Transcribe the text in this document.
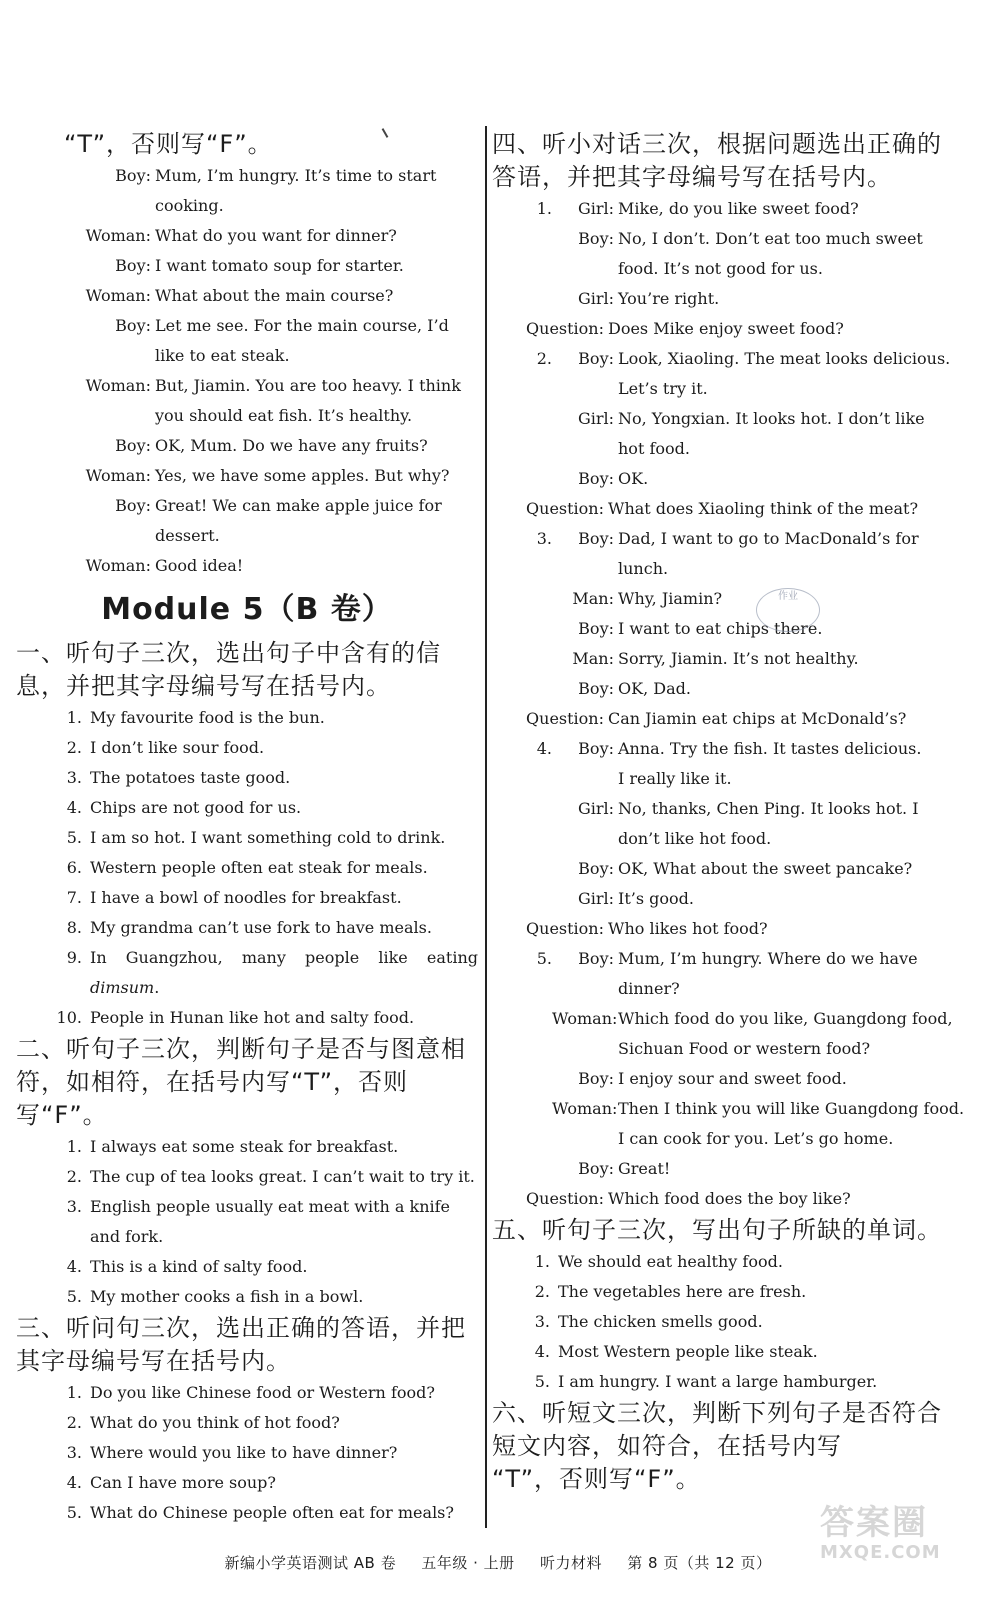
“T”，否则写“F”。

Boy: Mum, I’m hungry. It’s time to start
cooking.
Woman: What do you want for dinner?
Boy: I want tomato soup for starter.
Woman: What about the main course?
Boy: Let me see. For the main course, I’d
like to eat steak.
Woman: But, Jiamin. You are too heavy. I think
you should eat fish. It’s healthy.
Boy: OK, Mum. Do we have any fruits?
Woman: Yes, we have some apples. But why?
Boy: Great! We can make apple juice for
dessert.
Woman: Good idea!
Module 5（B 卷）

一、听句子三次，选出句子中含有的信

息，并把其字母编号写在括号内。

1. My favourite food is the bun.
2. I don’t like sour food.
3. The potatoes taste good.
4. Chips are not good for us.
5. I am so hot. I want something cold to drink.
6. Western people often eat steak for meals.
7. I have a bowl of noodles for breakfast.
8. My grandma can’t use fork to have meals.
9. In Guangzhou, many people like eating dimsum.
10. People in Hunan like hot and salty food.

二、听句子三次，判断句子是否与图意相

符，如相符，在括号内写“T”，否则

写“F”。

1. I always eat some steak for breakfast.
2. The cup of tea looks great. I can’t wait to try it.
3. English people usually eat meat with a knife
and fork.
4. This is a kind of salty food.
5. My mother cooks a fish in a bowl.

三、听问句三次，选出正确的答语，并把

其字母编号写在括号内。

1. Do you like Chinese food or Western food?
2. What do you think of hot food?
3. Where would you like to have dinner?
4. Can I have more soup?
5. What do Chinese people often eat for meals?

四、听小对话三次，根据问题选出正确的

答语，并把其字母编号写在括号内。

1.	Girl: Mike, do you like sweet food?
Boy: No, I don’t. Don’t eat too much sweet
food. It’s not good for us.
Girl: You’re right.
Question: Does Mike enjoy sweet food?
2.	Boy: Look, Xiaoling. The meat looks delicious.
Let’s try it.
Girl: No, Yongxian. It looks hot. I don’t like
hot food.
Boy: OK.
Question: What does Xiaoling think of the meat?
3.	Boy: Dad, I want to go to MacDonald’s for
lunch.
Man: Why, Jiamin?
Boy: I want to eat chips there.
Man: Sorry, Jiamin. It’s not healthy.
Boy: OK, Dad.
Question: Can Jiamin eat chips at McDonald’s?
4.	Boy: Anna. Try the fish. It tastes delicious.
I really like it.
Girl: No, thanks, Chen Ping. It looks hot. I
don’t like hot food.
Boy: OK, What about the sweet pancake?
Girl: It’s good.
Question: Who likes hot food?
5.	Boy: Mum, I’m hungry. Where do we have
dinner?
Woman: Which food do you like, Guangdong food,
Sichuan Food or western food?
Boy: I enjoy sour and sweet food.
Woman: Then I think you will like Guangdong food.
I can cook for you. Let’s go home.
Boy: Great!
Question: Which food does the boy like?

五、听句子三次，写出句子所缺的单词。

1. We should eat healthy food.
2. The vegetables here are fresh.
3. The chicken smells good.
4. Most Western people like steak.
5. I am hungry. I want a large hamburger.

六、听短文三次，判断下列句子是否符合

短文内容，如符合，在括号内写

“T”，否则写“F”。

作业
答案圈
MXQE.COM
新编小学英语测试 AB 卷 五年级 · 上册 听力材料 第 8 页（共 12 页）
